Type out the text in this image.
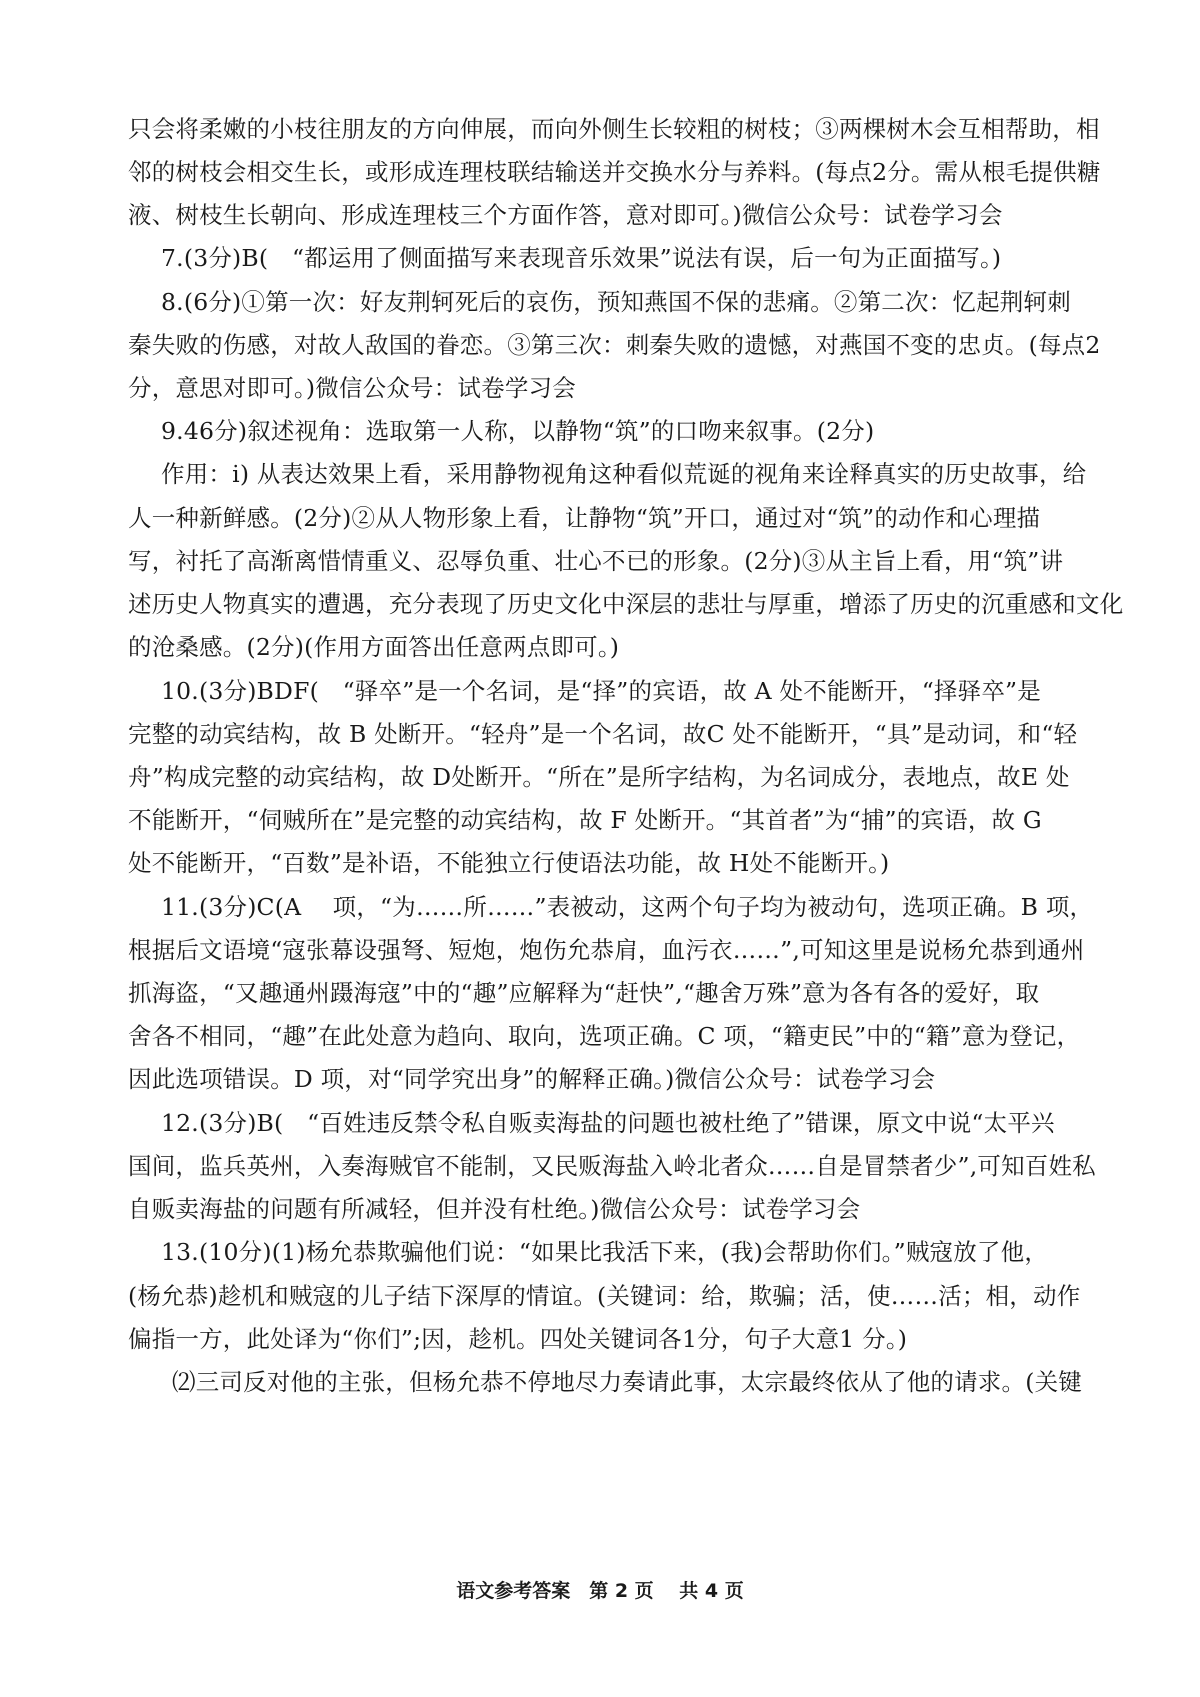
只会将柔嫩的小枝往朋友的方向伸展，而向外侧生长较粗的树枝；③两棵树木会互相帮助，相
邻的树枝会相交生长，或形成连理枝联结输送并交换水分与养料。(每点2分。需从根毛提供糖
液、树枝生长朝向、形成连理枝三个方面作答，意对即可。)微信公众号：试卷学习会
7.(3分)B(　“都运用了侧面描写来表现音乐效果”说法有误，后一句为正面描写。)
8.(6分)①第一次：好友荆轲死后的哀伤，预知燕国不保的悲痛。②第二次：忆起荆轲刺
秦失败的伤感，对故人敌国的眷恋。③第三次：刺秦失败的遗憾，对燕国不变的忠贞。(每点2
分，意思对即可。)微信公众号：试卷学习会
9.46分)叙述视角：选取第一人称，以静物“筑”的口吻来叙事。(2分)
作用：i) 从表达效果上看，采用静物视角这种看似荒诞的视角来诠释真实的历史故事，给
人一种新鲜感。(2分)②从人物形象上看，让静物“筑”开口，通过对“筑”的动作和心理描
写，衬托了高渐离惜情重义、忍辱负重、壮心不已的形象。(2分)③从主旨上看，用“筑”讲
述历史人物真实的遭遇，充分表现了历史文化中深层的悲壮与厚重，增添了历史的沉重感和文化
的沧桑感。(2分)(作用方面答出任意两点即可。)
10.(3分)BDF(　“驿卒”是一个名词，是“择”的宾语，故 A 处不能断开，“择驿卒”是
完整的动宾结构，故 B 处断开。“轻舟”是一个名词，故C 处不能断开，“具”是动词，和“轻
舟”构成完整的动宾结构，故 D处断开。“所在”是所字结构，为名词成分，表地点，故E 处
不能断开，“伺贼所在”是完整的动宾结构，故 F 处断开。“其首者”为“捕”的宾语，故 G
处不能断开，“百数”是补语，不能独立行使语法功能，故 H处不能断开。)
11.(3分)C(A　 项，“为……所……”表被动，这两个句子均为被动句，选项正确。B 项，
根据后文语境“寇张幕设强弩、短炮，炮伤允恭肩，血污衣……”,可知这里是说杨允恭到通州
抓海盗，“又趣通州蹑海寇”中的“趣”应解释为“赶快”,“趣舍万殊”意为各有各的爱好，取
舍各不相同，“趣”在此处意为趋向、取向，选项正确。C 项，“籍吏民”中的“籍”意为登记，
因此选项错误。D 项，对“同学究出身”的解释正确。)微信公众号：试卷学习会
12.(3分)B(　“百姓违反禁令私自贩卖海盐的问题也被杜绝了”错课，原文中说“太平兴
国间，监兵英州，入奏海贼官不能制，又民贩海盐入岭北者众……自是冒禁者少”,可知百姓私
自贩卖海盐的问题有所减轻，但并没有杜绝。)微信公众号：试卷学习会
13.(10分)(1)杨允恭欺骗他们说：“如果比我活下来，(我)会帮助你们。”贼寇放了他，
(杨允恭)趁机和贼寇的儿子结下深厚的情谊。(关键词：给，欺骗；活，使……活；相，动作
偏指一方，此处译为“你们”;因，趁机。四处关键词各1分，句子大意1 分。)
⑵三司反对他的主张，但杨允恭不停地尽力奏请此事，太宗最终依从了他的请求。(关键
语文参考答案　第 2 页　 共 4 页
